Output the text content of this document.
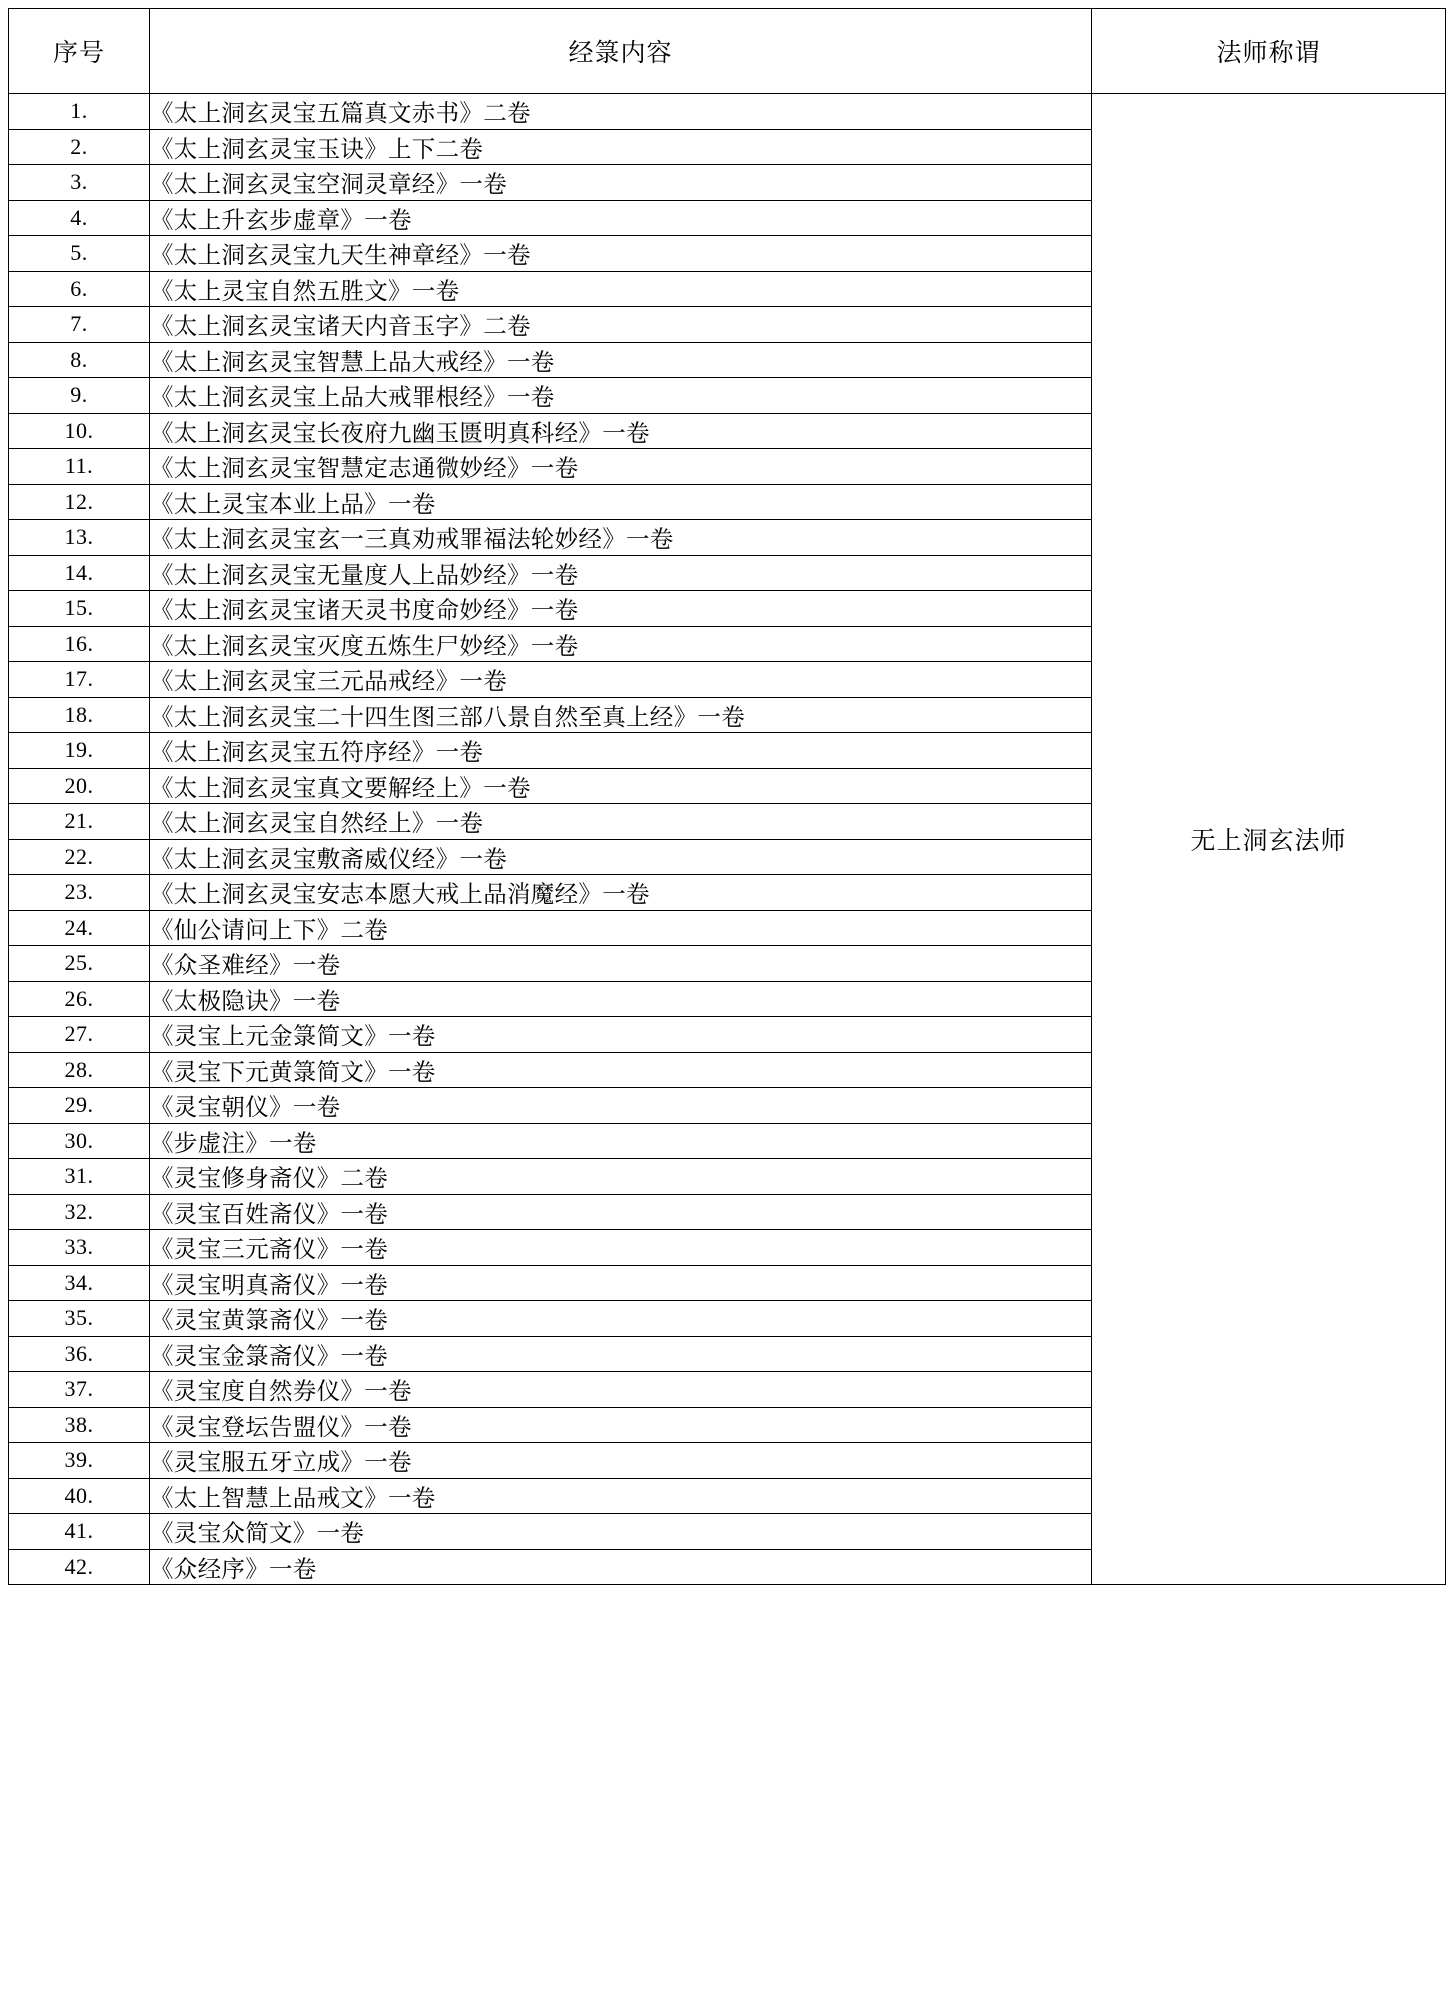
序号	经箓内容	法师称谓
1.	《太上洞玄灵宝五篇真文赤书》二卷	无上洞玄法师
2.	《太上洞玄灵宝玉诀》上下二卷	
3.	《太上洞玄灵宝空洞灵章经》一卷	
4.	《太上升玄步虚章》一卷	
5.	《太上洞玄灵宝九天生神章经》一卷	
6.	《太上灵宝自然五胜文》一卷	
7.	《太上洞玄灵宝诸天内音玉字》二卷	
8.	《太上洞玄灵宝智慧上品大戒经》一卷	
9.	《太上洞玄灵宝上品大戒罪根经》一卷	
10.	《太上洞玄灵宝长夜府九幽玉匮明真科经》一卷	
11.	《太上洞玄灵宝智慧定志通微妙经》一卷	
12.	《太上灵宝本业上品》一卷	
13.	《太上洞玄灵宝玄一三真劝戒罪福法轮妙经》一卷	
14.	《太上洞玄灵宝无量度人上品妙经》一卷	
15.	《太上洞玄灵宝诸天灵书度命妙经》一卷	
16.	《太上洞玄灵宝灭度五炼生尸妙经》一卷	
17.	《太上洞玄灵宝三元品戒经》一卷	
18.	《太上洞玄灵宝二十四生图三部八景自然至真上经》一卷	
19.	《太上洞玄灵宝五符序经》一卷	
20.	《太上洞玄灵宝真文要解经上》一卷	
21.	《太上洞玄灵宝自然经上》一卷	
22.	《太上洞玄灵宝敷斋威仪经》一卷	
23.	《太上洞玄灵宝安志本愿大戒上品消魔经》一卷	
24.	《仙公请问上下》二卷	
25.	《众圣难经》一卷	
26.	《太极隐诀》一卷	
27.	《灵宝上元金箓简文》一卷	
28.	《灵宝下元黄箓简文》一卷	
29.	《灵宝朝仪》一卷	
30.	《步虚注》一卷	
31.	《灵宝修身斋仪》二卷	
32.	《灵宝百姓斋仪》一卷	
33.	《灵宝三元斋仪》一卷	
34.	《灵宝明真斋仪》一卷	
35.	《灵宝黄箓斋仪》一卷	
36.	《灵宝金箓斋仪》一卷	
37.	《灵宝度自然券仪》一卷	
38.	《灵宝登坛告盟仪》一卷	
39.	《灵宝服五牙立成》一卷	
40.	《太上智慧上品戒文》一卷	
41.	《灵宝众简文》一卷	
42.	《众经序》一卷	
